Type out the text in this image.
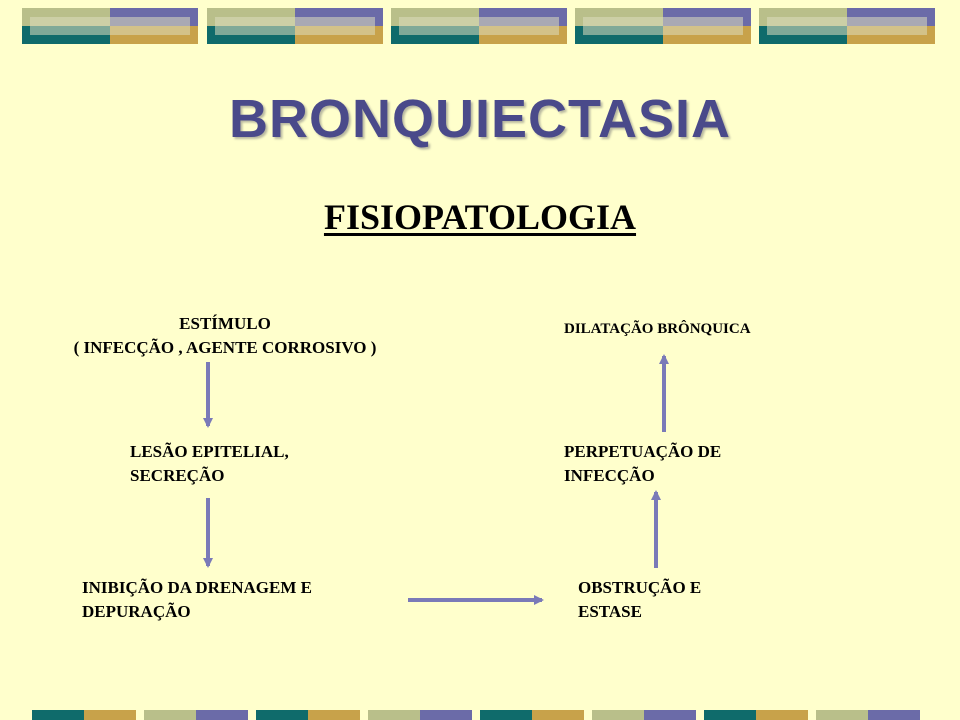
BRONQUIECTASIA
FISIOPATOLOGIA
ESTÍMULO
( INFECÇÃO , AGENTE CORROSIVO )
LESÃO EPITELIAL,
SECREÇÃO
INIBIÇÃO DA DRENAGEM E
DEPURAÇÃO
OBSTRUÇÃO E
ESTASE
PERPETUAÇÃO DE
INFECÇÃO
DILATAÇÃO BRÔNQUICA
